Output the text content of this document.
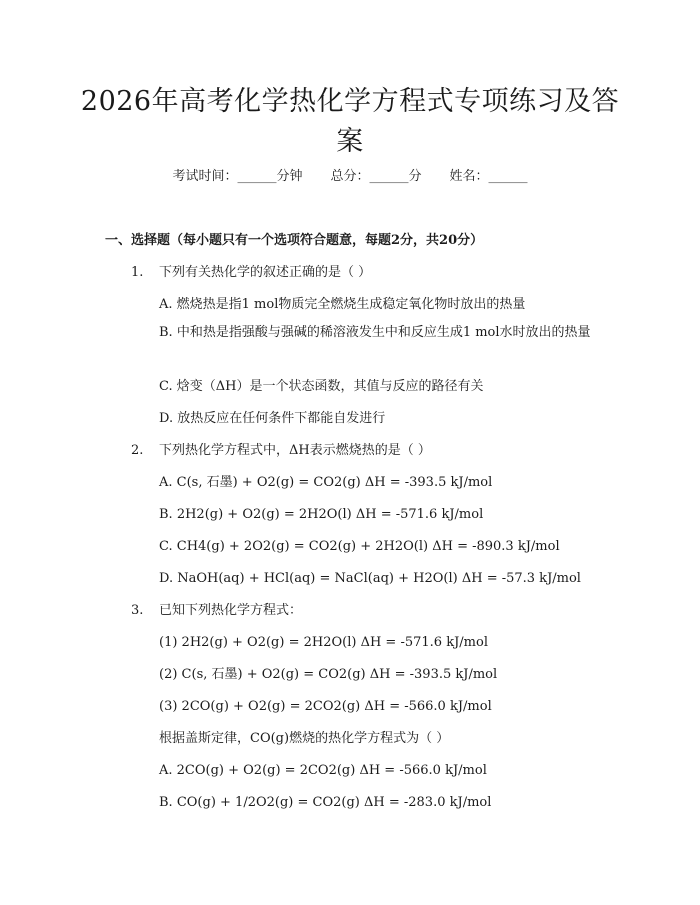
2026年高考化学热化学方程式专项练习及答案
考试时间：______分钟 总分：______分 姓名：______
一、选择题（每小题只有一个选项符合题意，每题2分，共20分）
1. 下列有关热化学的叙述正确的是（ ）
A. 燃烧热是指1 mol物质完全燃烧生成稳定氧化物时放出的热量
B. 中和热是指强酸与强碱的稀溶液发生中和反应生成1 mol水时放出的热量
C. 焓变（ΔH）是一个状态函数，其值与反应的路径有关
D. 放热反应在任何条件下都能自发进行
2. 下列热化学方程式中，ΔH表示燃烧热的是（ ）
A. C(s, 石墨) + O2(g) = CO2(g) ΔH = -393.5 kJ/mol
B. 2H2(g) + O2(g) = 2H2O(l) ΔH = -571.6 kJ/mol
C. CH4(g) + 2O2(g) = CO2(g) + 2H2O(l) ΔH = -890.3 kJ/mol
D. NaOH(aq) + HCl(aq) = NaCl(aq) + H2O(l) ΔH = -57.3 kJ/mol
3. 已知下列热化学方程式：
(1) 2H2(g) + O2(g) = 2H2O(l) ΔH = -571.6 kJ/mol
(2) C(s, 石墨) + O2(g) = CO2(g) ΔH = -393.5 kJ/mol
(3) 2CO(g) + O2(g) = 2CO2(g) ΔH = -566.0 kJ/mol
根据盖斯定律，CO(g)燃烧的热化学方程式为（ ）
A. 2CO(g) + O2(g) = 2CO2(g) ΔH = -566.0 kJ/mol
B. CO(g) + 1/2O2(g) = CO2(g) ΔH = -283.0 kJ/mol
